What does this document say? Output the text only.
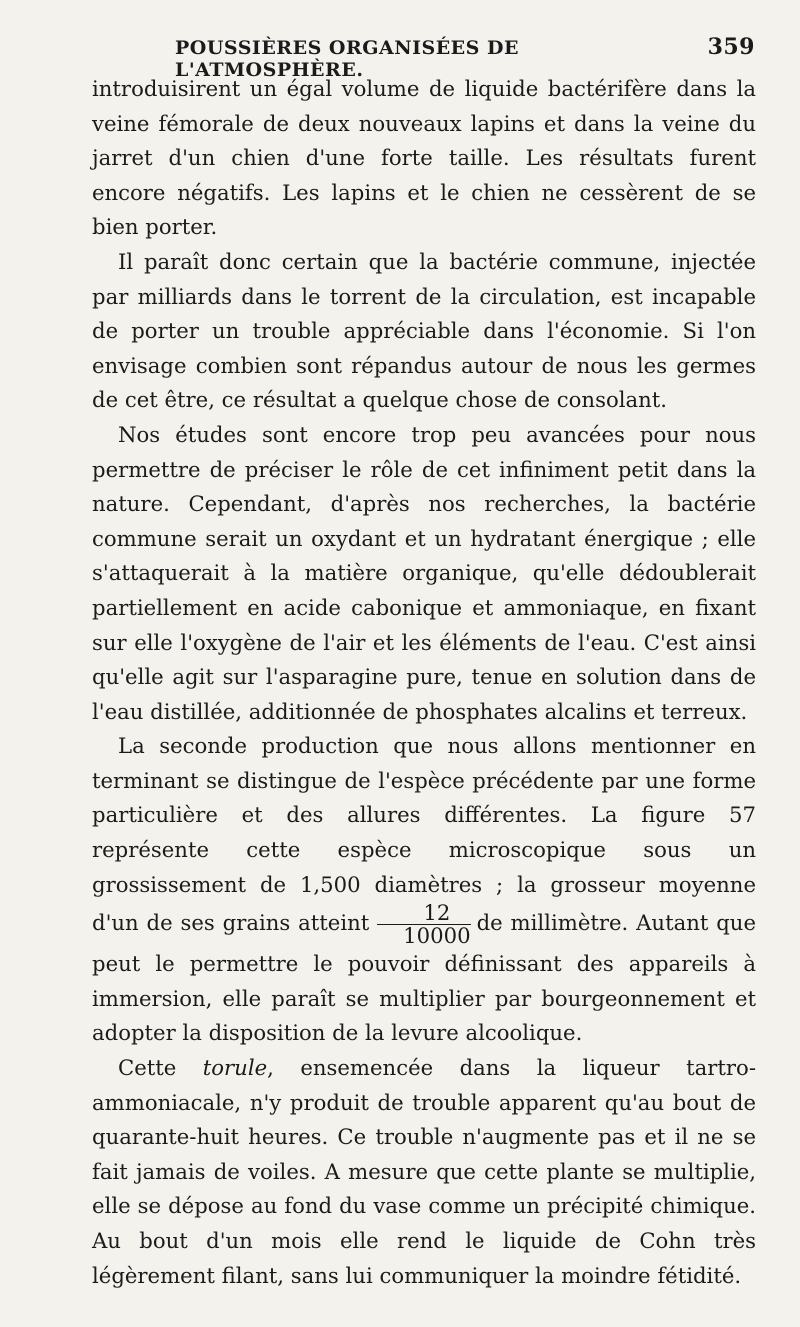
POUSSIÈRES ORGANISÉES DE L'ATMOSPHÈRE.
359

introduisirent un égal volume de liquide bactérifère dans la veine fémorale de deux nouveaux lapins et dans la veine du jarret d'un chien d'une forte taille. Les résultats furent encore négatifs. Les lapins et le chien ne cessèrent de se bien porter.

Il paraît donc certain que la bactérie commune, injectée par milliards dans le torrent de la circulation, est incapable de porter un trouble appréciable dans l'économie. Si l'on envisage combien sont répandus autour de nous les germes de cet être, ce résultat a quelque chose de consolant.

Nos études sont encore trop peu avancées pour nous permettre de préciser le rôle de cet infiniment petit dans la nature. Cependant, d'après nos recherches, la bactérie commune serait un oxydant et un hydratant énergique ; elle s'attaquerait à la matière organique, qu'elle dédoublerait partiellement en acide cabonique et ammoniaque, en fixant sur elle l'oxygène de l'air et les éléments de l'eau. C'est ainsi qu'elle agit sur l'asparagine pure, tenue en solution dans de l'eau distillée, additionnée de phosphates alcalins et terreux.

La seconde production que nous allons mentionner en terminant se distingue de l'espèce précédente par une forme particulière et des allures différentes. La figure 57 représente cette espèce microscopique sous un grossissement de 1,500 diamètres ; la grosseur moyenne d'un de ses grains atteint $\frac{12}{10000}$ de millimètre. Autant que peut le permettre le pouvoir définissant des appareils à immersion, elle paraît se multiplier par bourgeonnement et adopter la disposition de la levure alcoolique.

Cette torule, ensemencée dans la liqueur tartro-ammoniacale, n'y produit de trouble apparent qu'au bout de quarante-huit heures. Ce trouble n'augmente pas et il ne se fait jamais de voiles. A mesure que cette plante se multiplie, elle se dépose au fond du vase comme un précipité chimique. Au bout d'un mois elle rend le liquide de Cohn très légèrement filant, sans lui communiquer la moindre fétidité.
